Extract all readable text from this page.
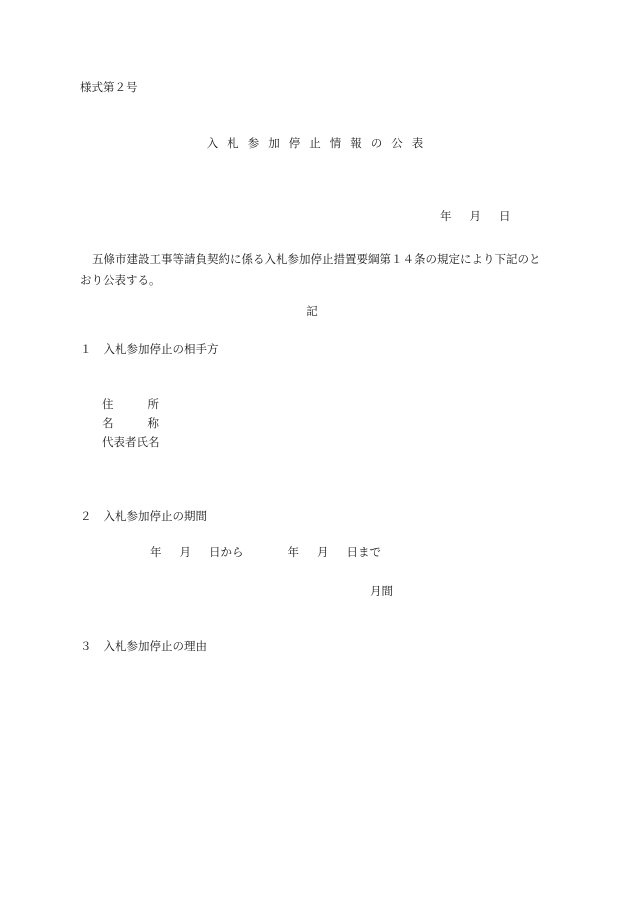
様式第２号
入 札 参 加 停 止 情 報 の 公 表
年 月 日

五條市建設工事等請負契約に係る入札参加停止措置要綱第１４条の規定により下記のとおり公表する。

記
１ 入札参加停止の相手方
住	所
名	称
代表者氏名
２ 入札参加停止の期間
年 月 日から	年 月 日まで
月間
３ 入札参加停止の理由
